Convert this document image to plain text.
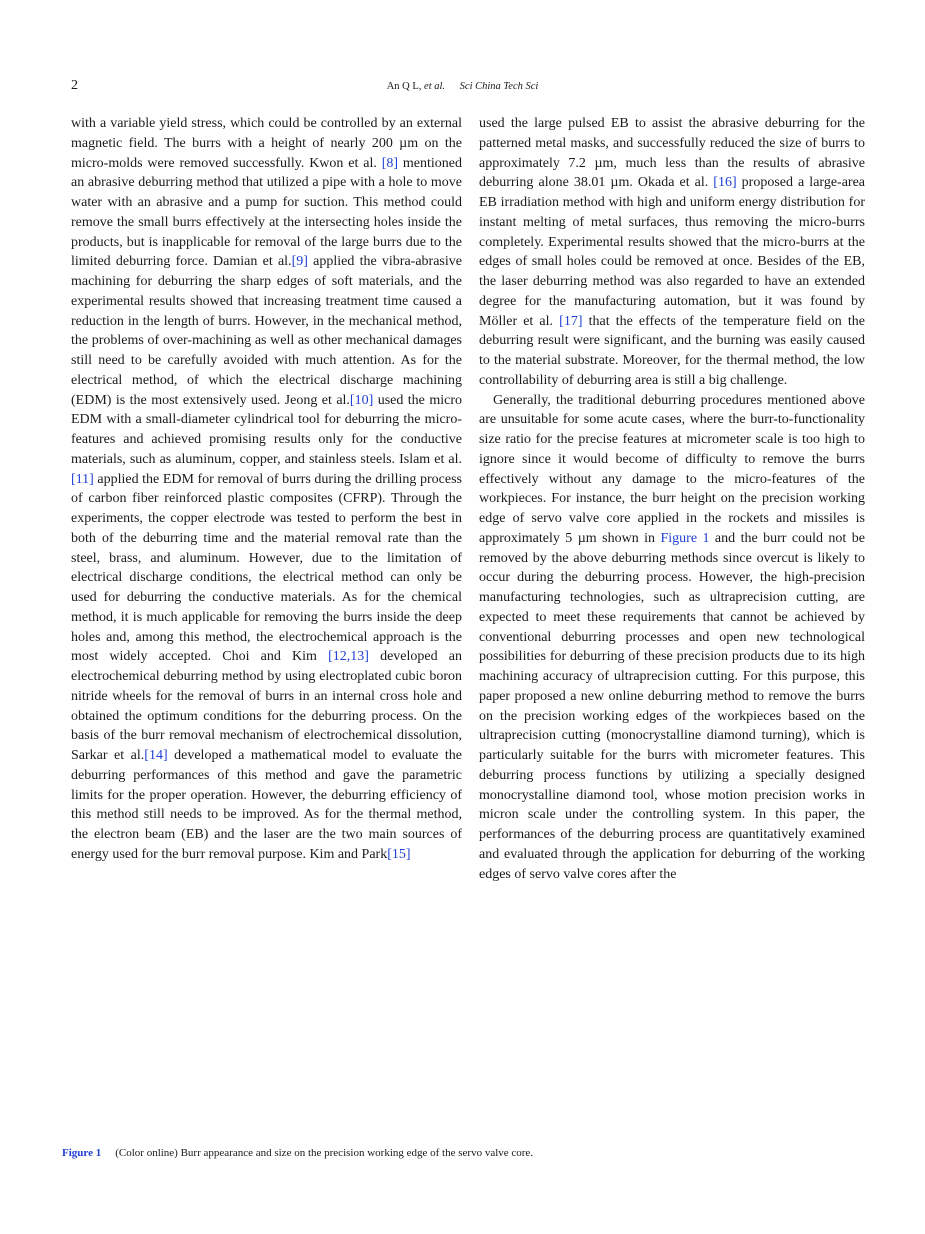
2	An Q L, et al. Sci China Tech Sci

with a variable yield stress, which could be controlled by an external magnetic field. The burrs with a height of nearly 200 µm on the micro-molds were removed successfully. Kwon et al. [8] mentioned an abrasive deburring method that utilized a pipe with a hole to move water with an abrasive and a pump for suction. This method could remove the small burrs effectively at the intersecting holes inside the products, but is inapplicable for removal of the large burrs due to the limited deburring force. Damian et al.[9] applied the vibra-abrasive machining for deburring the sharp edges of soft materials, and the experimental results showed that increasing treatment time caused a reduction in the length of burrs. However, in the mechanical method, the problems of over-machining as well as other mechanical damages still need to be carefully avoided with much attention. As for the electrical method, of which the electrical discharge machining (EDM) is the most extensively used. Jeong et al.[10] used the micro EDM with a small-diameter cylindrical tool for deburring the micro-features and achieved promising results only for the conductive materials, such as aluminum, copper, and stainless steels. Islam et al.[11] applied the EDM for removal of burrs during the drilling process of carbon fiber reinforced plastic composites (CFRP). Through the experiments, the copper electrode was tested to perform the best in both of the deburring time and the material removal rate than the steel, brass, and aluminum. However, due to the limitation of electrical discharge conditions, the electrical method can only be used for deburring the conductive materials. As for the chemical method, it is much applicable for removing the burrs inside the deep holes and, among this method, the electrochemical approach is the most widely accepted. Choi and Kim [12,13] developed an electrochemical deburring method by using electroplated cubic boron nitride wheels for the removal of burrs in an internal cross hole and obtained the optimum conditions for the deburring process. On the basis of the burr removal mechanism of electrochemical dissolution, Sarkar et al.[14] developed a mathematical model to evaluate the deburring performances of this method and gave the parametric limits for the proper operation. However, the deburring efficiency of this method still needs to be improved. As for the thermal method, the electron beam (EB) and the laser are the two main sources of energy used for the burr removal purpose. Kim and Park[15]

used the large pulsed EB to assist the abrasive deburring for the patterned metal masks, and successfully reduced the size of burrs to approximately 7.2 µm, much less than the results of abrasive deburring alone 38.01 µm. Okada et al. [16] proposed a large-area EB irradiation method with high and uniform energy distribution for instant melting of metal surfaces, thus removing the micro-burrs completely. Experimental results showed that the micro-burrs at the edges of small holes could be removed at once. Besides of the EB, the laser deburring method was also regarded to have an extended degree for the manufacturing automation, but it was found by Möller et al. [17] that the effects of the temperature field on the deburring result were significant, and the burning was easily caused to the material substrate. Moreover, for the thermal method, the low controllability of deburring area is still a big challenge.

Generally, the traditional deburring procedures mentioned above are unsuitable for some acute cases, where the burr-to-functionality size ratio for the precise features at micrometer scale is too high to ignore since it would become of difficulty to remove the burrs effectively without any damage to the micro-features of the workpieces. For instance, the burr height on the precision working edge of servo valve core applied in the rockets and missiles is approximately 5 µm shown in Figure 1 and the burr could not be removed by the above deburring methods since overcut is likely to occur during the deburring process. However, the high-precision manufacturing technologies, such as ultraprecision cutting, are expected to meet these requirements that cannot be achieved by conventional deburring processes and open new technological possibilities for deburring of these precision products due to its high machining accuracy of ultraprecision cutting. For this purpose, this paper proposed a new online deburring method to remove the burrs on the precision working edges of the workpieces based on the ultraprecision cutting (monocrystalline diamond turning), which is particularly suitable for the burrs with micrometer features. This deburring process functions by utilizing a specially designed monocrystalline diamond tool, whose motion precision works in micron scale under the controlling system. In this paper, the performances of the deburring process are quantitatively examined and evaluated through the application for deburring of the working edges of servo valve cores after the

Figure 1 (Color online) Burr appearance and size on the precision working edge of the servo valve core.
